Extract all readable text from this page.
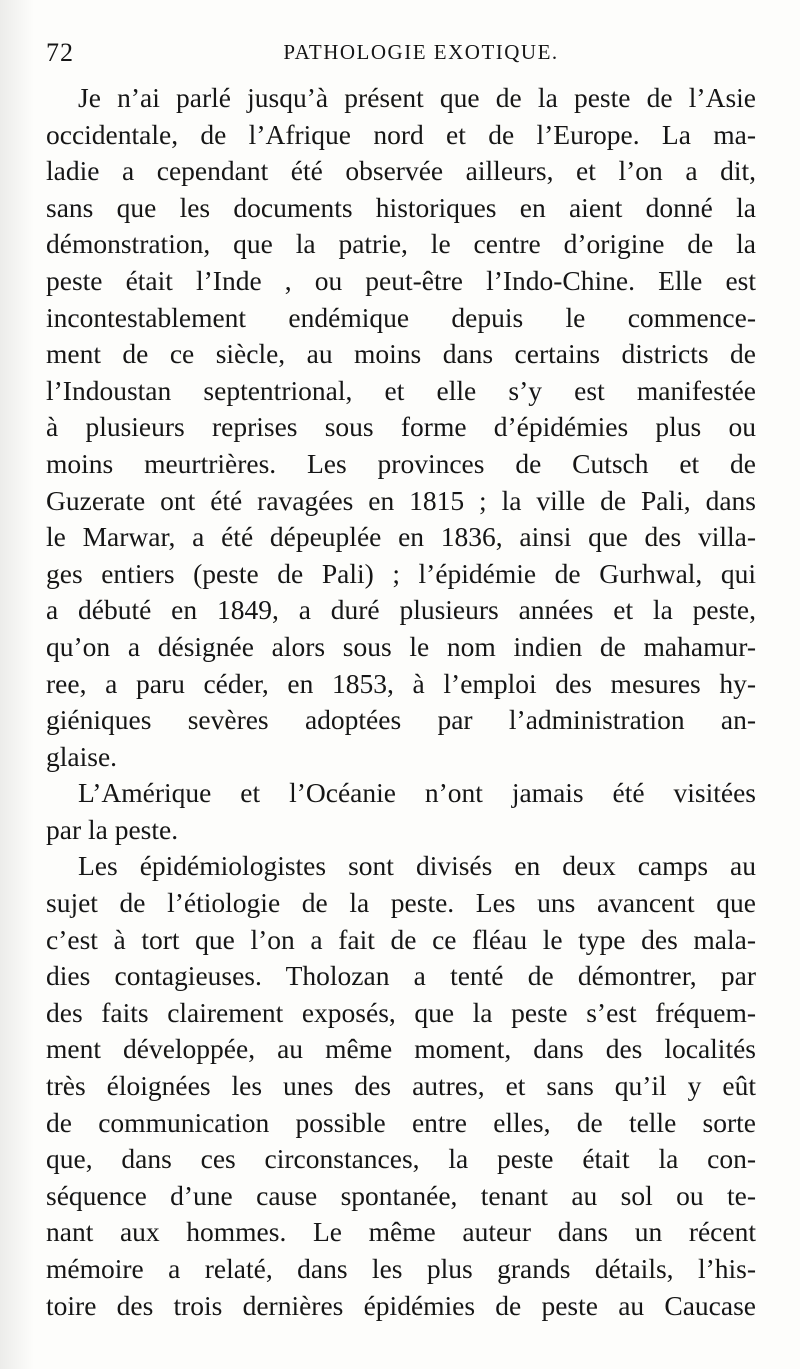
72	PATHOLOGIE EXOTIQUE.
Je n’ai parlé jusqu’à présent que de la peste de l’Asie
occidentale, de l’Afrique nord et de l’Europe. La ma-
ladie a cependant été observée ailleurs, et l’on a dit,
sans que les documents historiques en aient donné la
démonstration, que la patrie, le centre d’origine de la
peste était l’Inde , ou peut-être l’Indo-Chine. Elle est
incontestablement endémique depuis le commence-
ment de ce siècle, au moins dans certains districts de
l’Indoustan septentrional, et elle s’y est manifestée
à plusieurs reprises sous forme d’épidémies plus ou
moins meurtrières. Les provinces de Cutsch et de
Guzerate ont été ravagées en 1815 ; la ville de Pali, dans
le Marwar, a été dépeuplée en 1836, ainsi que des villa-
ges entiers (peste de Pali) ; l’épidémie de Gurhwal, qui
a débuté en 1849, a duré plusieurs années et la peste,
qu’on a désignée alors sous le nom indien de mahamur-
ree, a paru céder, en 1853, à l’emploi des mesures hy-
giéniques sevères adoptées par l’administration an-
glaise.
L’Amérique et l’Océanie n’ont jamais été visitées
par la peste.
Les épidémiologistes sont divisés en deux camps au
sujet de l’étiologie de la peste. Les uns avancent que
c’est à tort que l’on a fait de ce fléau le type des mala-
dies contagieuses. Tholozan a tenté de démontrer, par
des faits clairement exposés, que la peste s’est fréquem-
ment développée, au même moment, dans des localités
très éloignées les unes des autres, et sans qu’il y eût
de communication possible entre elles, de telle sorte
que, dans ces circonstances, la peste était la con-
séquence d’une cause spontanée, tenant au sol ou te-
nant aux hommes. Le même auteur dans un récent
mémoire a relaté, dans les plus grands détails, l’his-
toire des trois dernières épidémies de peste au Caucase
